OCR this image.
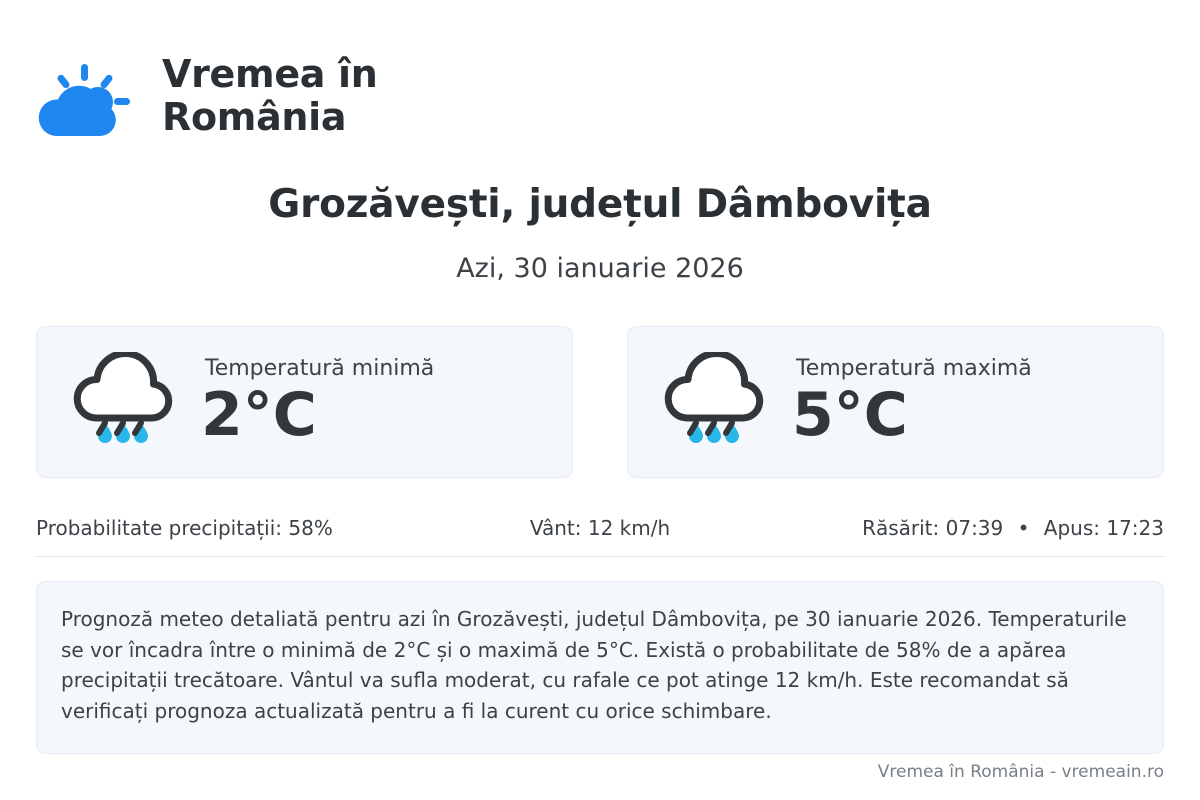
Vremea în România
Grozăvești, județul Dâmbovița
Azi, 30 ianuarie 2026
Temperatură minimă
2°C
Temperatură maximă
5°C
Probabilitate precipitații: 58%	Vânt: 12 km/h	Răsărit: 07:39 • Apus: 17:23
Prognoză meteo detaliată pentru azi în Grozăvești, județul Dâmbovița, pe 30 ianuarie 2026. Temperaturile se vor încadra între o minimă de 2°C și o maximă de 5°C. Există o probabilitate de 58% de a apărea precipitații trecătoare. Vântul va sufla moderat, cu rafale ce pot atinge 12 km/h. Este recomandat să verificați prognoza actualizată pentru a fi la curent cu orice schimbare.
Vremea în România - vremeain.ro
